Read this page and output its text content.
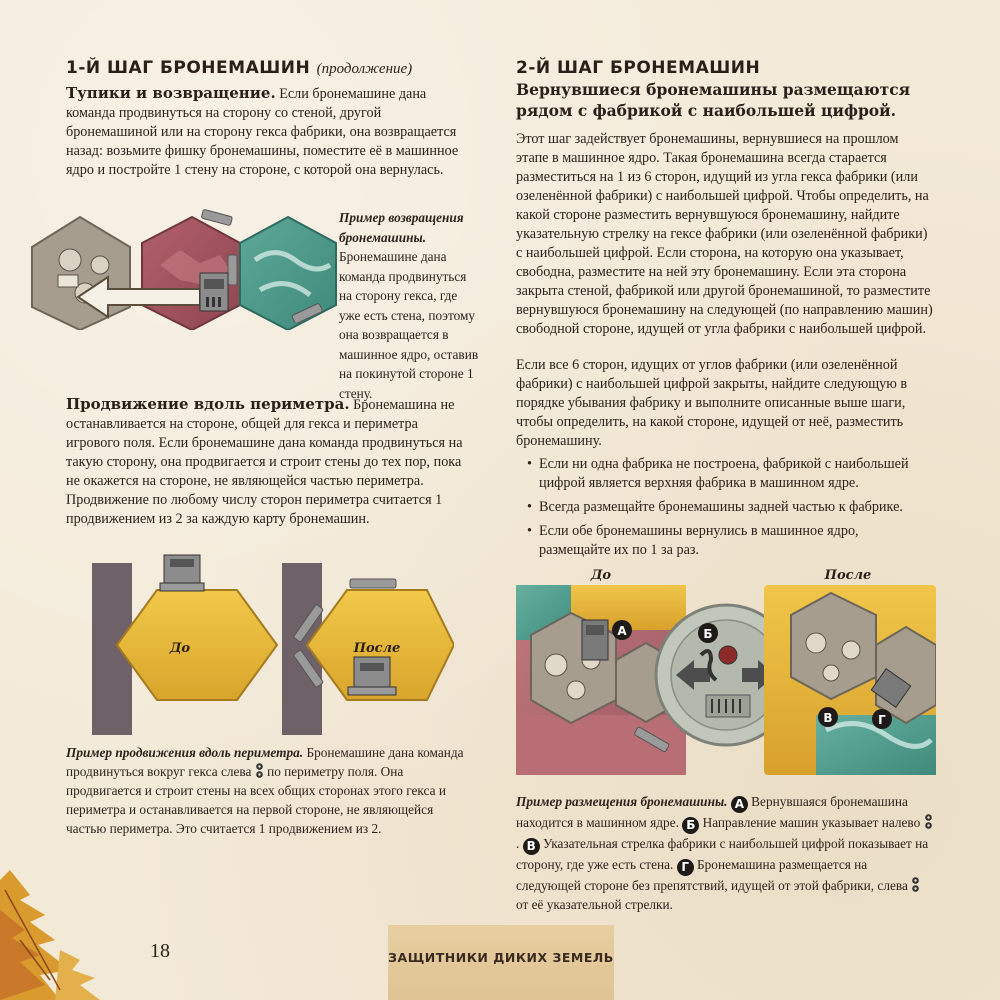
1-Й ШАГ БРОНЕМАШИН (продолжение)
Тупики и возвращение. Если бронемашине дана команда продвинуться на сторону со стеной, другой бронемашиной или на сторону гекса фабрики, она возвращается назад: возьмите фишку бронемашины, поместите её в машинное ядро и постройте 1 стену на стороне, с которой она вернулась.
Пример возвращения бронемашины. Бронемашине дана команда продвинуться на сторону гекса, где уже есть стена, поэтому она возвращается в машинное ядро, оставив на покинутой стороне 1 стену.
Продвижение вдоль периметра. Бронемашина не останавливается на стороне, общей для гекса и периметра игрового поля. Если бронемашине дана команда продвинуться на такую сторону, она продвигается и строит стены до тех пор, пока не окажется на стороне, не являющейся частью периметра. Продвижение по любому числу сторон периметра считается 1 продвижением из 2 за каждую карту бронемашин.
До	После
Пример продвижения вдоль периметра. Бронемашине дана команда продвинуться вокруг гекса слева по периметру поля. Она продвигается и строит стены на всех общих сторонах этого гекса и периметра и останавливается на первой стороне, не являющейся частью периметра. Это считается 1 продвижением из 2.
2-Й ШАГ БРОНЕМАШИН
Вернувшиеся бронемашины размещаются рядом с фабрикой с наибольшей цифрой.
Этот шаг задействует бронемашины, вернувшиеся на прошлом этапе в машинное ядро. Такая бронемашина всегда старается разместиться на 1 из 6 сторон, идущий из угла гекса фабрики (или озеленённой фабрики) с наибольшей цифрой. Чтобы определить, на какой стороне разместить вернувшуюся бронемашину, найдите указательную стрелку на гексе фабрики (или озеленённой фабрики) с наибольшей цифрой. Если сторона, на которую она указывает, свободна, разместите на ней эту бронемашину. Если эта сторона закрыта стеной, фабрикой или другой бронемашиной, то разместите вернувшуюся бронемашину на следующей (по направлению машин) свободной стороне, идущей от угла фабрики с наибольшей цифрой.
Если все 6 сторон, идущих от углов фабрики (или озеленённой фабрики) с наибольшей цифрой закрыты, найдите следующую в порядке убывания фабрику и выполните описанные выше шаги, чтобы определить, на какой стороне, идущей от неё, разместить бронемашину.
• Если ни одна фабрика не построена, фабрикой с наибольшей цифрой является верхняя фабрика в машинном ядре.
• Всегда размещайте бронемашины задней частью к фабрике.
• Если обе бронемашины вернулись в машинное ядро, размещайте их по 1 за раз.
До	После
А	Б
В	Г
Пример размещения бронемашины. А Вернувшаяся бронемашина находится в машинном ядре. Б Направление машин указывает налево . В Указательная стрелка фабрики с наибольшей цифрой показывает на сторону, где уже есть стена. Г Бронемашина размещается на следующей стороне без препятствий, идущей от этой фабрики, слева  от её указательной стрелки.
18	ЗАЩИТНИКИ ДИКИХ ЗЕМЕЛЬ
